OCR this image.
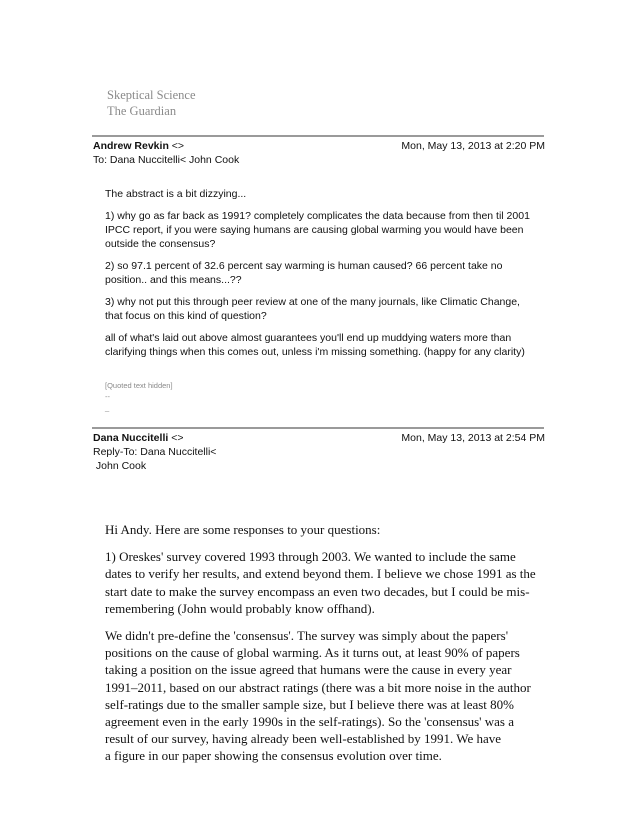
Skeptical Science
The Guardian
Andrew Revkin <>	Mon, May 13, 2013 at 2:20 PM
To: Dana Nuccitelli< John Cook

The abstract is a bit dizzying...

1) why go as far back as 1991? completely complicates the data because from then til 2001
IPCC report, if you were saying humans are causing global warming you would have been
outside the consensus?

2) so 97.1 percent of 32.6 percent say warming is human caused? 66 percent take no
position.. and this means...??

3) why not put this through peer review at one of the many journals, like Climatic Change,
that focus on this kind of question?

all of what's laid out above almost guarantees you'll end up muddying waters more than
clarifying things when this comes out, unless i'm missing something. (happy for any clarity)

[Quoted text hidden]
--
_
Dana Nuccitelli <>	Mon, May 13, 2013 at 2:54 PM
Reply-To: Dana Nuccitelli<
John Cook

Hi Andy. Here are some responses to your questions:

1) Oreskes' survey covered 1993 through 2003. We wanted to include the same
dates to verify her results, and extend beyond them. I believe we chose 1991 as the
start date to make the survey encompass an even two decades, but I could be mis-
remembering (John would probably know offhand).

We didn't pre-define the 'consensus'. The survey was simply about the papers'
positions on the cause of global warming. As it turns out, at least 90% of papers
taking a position on the issue agreed that humans were the cause in every year
1991–2011, based on our abstract ratings (there was a bit more noise in the author
self-ratings due to the smaller sample size, but I believe there was at least 80%
agreement even in the early 1990s in the self-ratings). So the 'consensus' was a
result of our survey, having already been well-established by 1991. We have
a figure in our paper showing the consensus evolution over time.
